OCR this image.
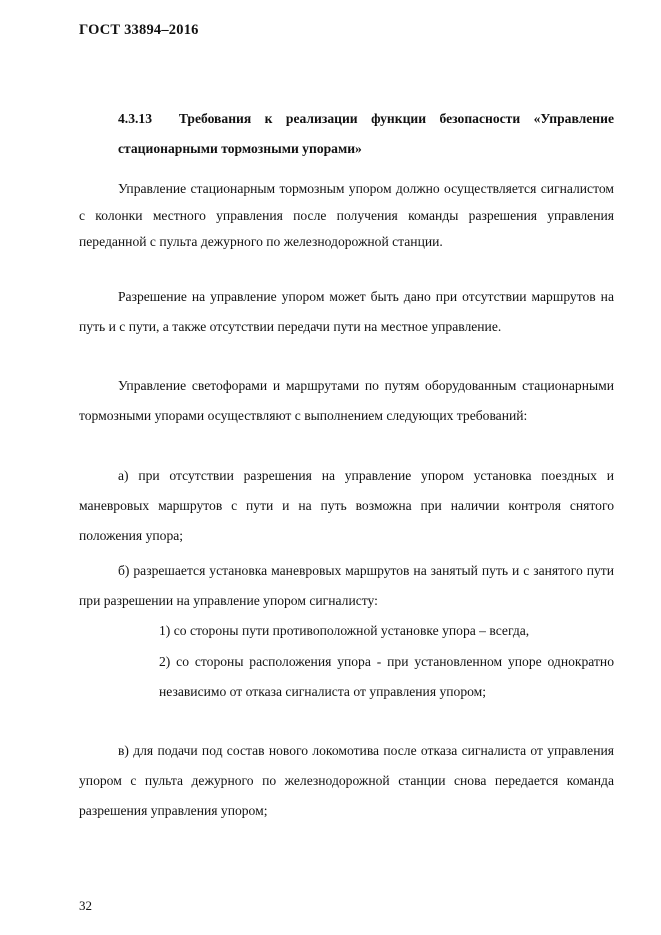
ГОСТ 33894–2016
4.3.13 Требования к реализации функции безопасности «Управление стационарными тормозными упорами»
Управление стационарным тормозным упором должно осуществляется сигналистом с колонки местного управления после получения команды разрешения управления переданной с пульта дежурного по железнодорожной станции.
Разрешение на управление упором может быть дано при отсутствии маршрутов на путь и с пути, а также отсутствии передачи пути на местное управление.
Управление светофорами и маршрутами по путям оборудованным стационарными тормозными упорами осуществляют с выполнением следующих требований:
а) при отсутствии разрешения на управление упором установка поездных и маневровых маршрутов с пути и на путь возможна при наличии контроля снятого положения упора;
б) разрешается установка маневровых маршрутов на занятый путь и с занятого пути при разрешении на управление упором сигналисту:
1) со стороны пути противоположной установке упора – всегда,
2) со стороны расположения упора - при установленном упоре однократно независимо от отказа сигналиста от управления упором;
в) для подачи под состав нового локомотива после отказа сигналиста от управления упором с пульта дежурного по железнодорожной станции снова передается команда разрешения управления упором;
32
